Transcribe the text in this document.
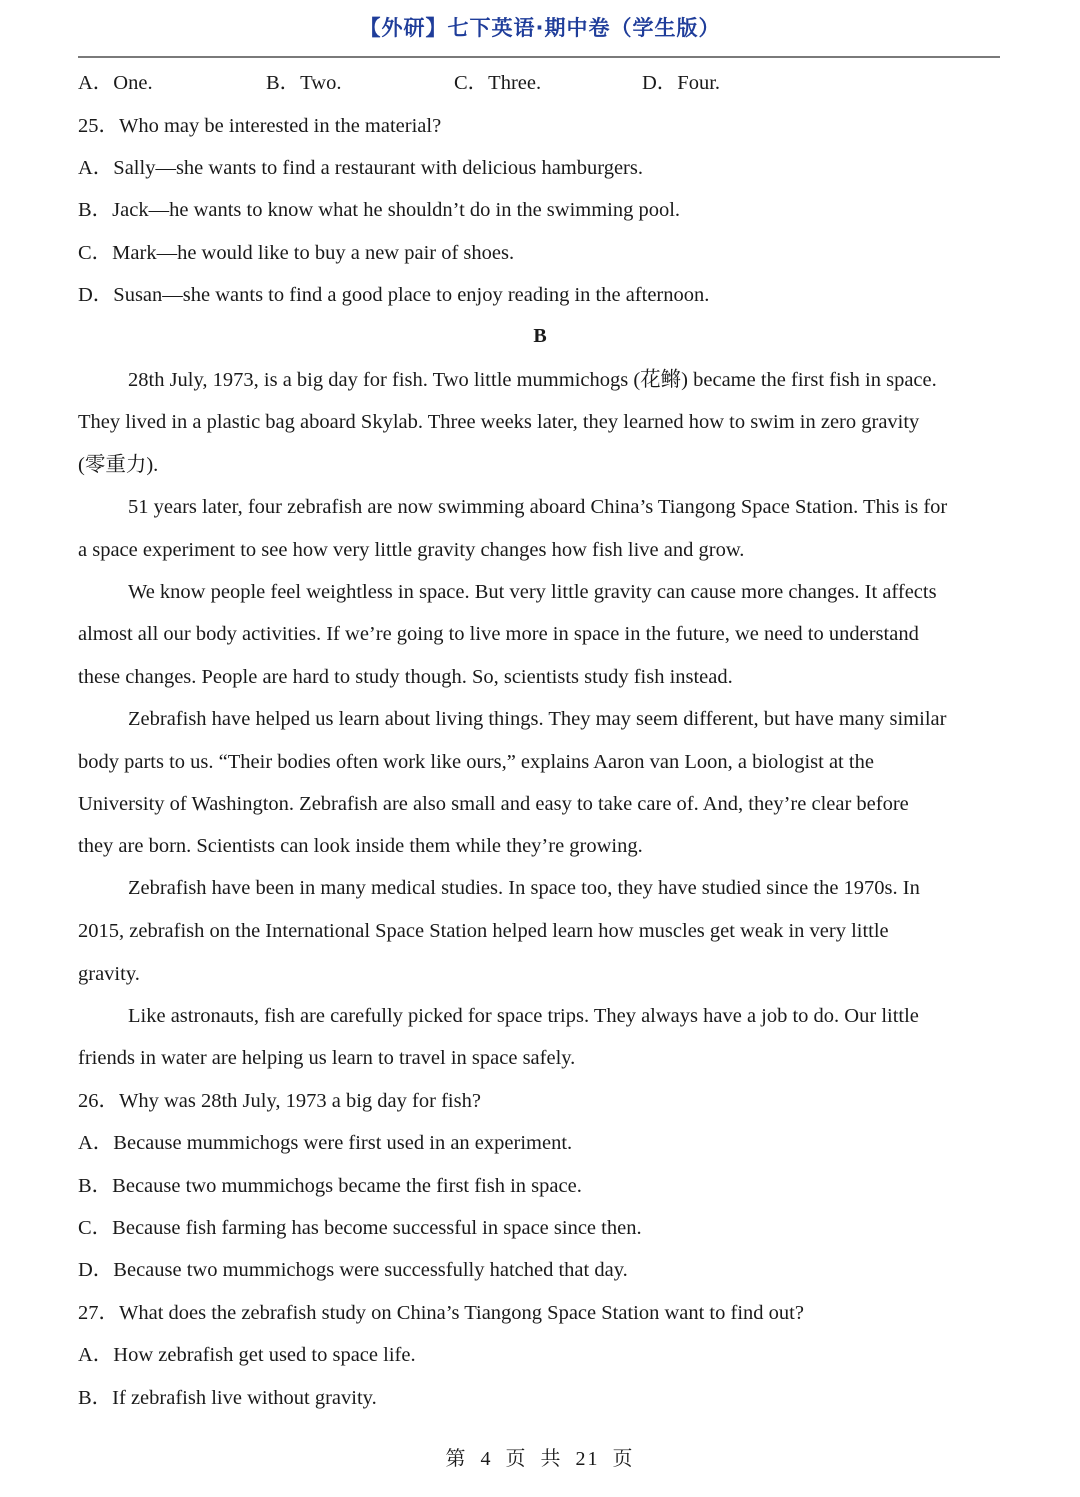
【外研】七下英语·期中卷（学生版）
A．One.	B．Two.	C．Three.	D．Four.
25．Who may be interested in the material?
A．Sally—she wants to find a restaurant with delicious hamburgers.
B．Jack—he wants to know what he shouldn’t do in the swimming pool.
C．Mark—he would like to buy a new pair of shoes.
D．Susan—she wants to find a good place to enjoy reading in the afternoon.
B
28th July, 1973, is a big day for fish. Two little mummichogs (花鳉) became the first fish in space.
They lived in a plastic bag aboard Skylab. Three weeks later, they learned how to swim in zero gravity
(零重力).
51 years later, four zebrafish are now swimming aboard China’s Tiangong Space Station. This is for
a space experiment to see how very little gravity changes how fish live and grow.
We know people feel weightless in space. But very little gravity can cause more changes. It affects
almost all our body activities. If we’re going to live more in space in the future, we need to understand
these changes. People are hard to study though. So, scientists study fish instead.
Zebrafish have helped us learn about living things. They may seem different, but have many similar
body parts to us. “Their bodies often work like ours,” explains Aaron van Loon, a biologist at the
University of Washington. Zebrafish are also small and easy to take care of. And, they’re clear before
they are born. Scientists can look inside them while they’re growing.
Zebrafish have been in many medical studies. In space too, they have studied since the 1970s. In
2015, zebrafish on the International Space Station helped learn how muscles get weak in very little
gravity.
Like astronauts, fish are carefully picked for space trips. They always have a job to do. Our little
friends in water are helping us learn to travel in space safely.
26．Why was 28th July, 1973 a big day for fish?
A．Because mummichogs were first used in an experiment.
B．Because two mummichogs became the first fish in space.
C．Because fish farming has become successful in space since then.
D．Because two mummichogs were successfully hatched that day.
27．What does the zebrafish study on China’s Tiangong Space Station want to find out?
A．How zebrafish get used to space life.
B．If zebrafish live without gravity.
第 4 页 共 21 页
